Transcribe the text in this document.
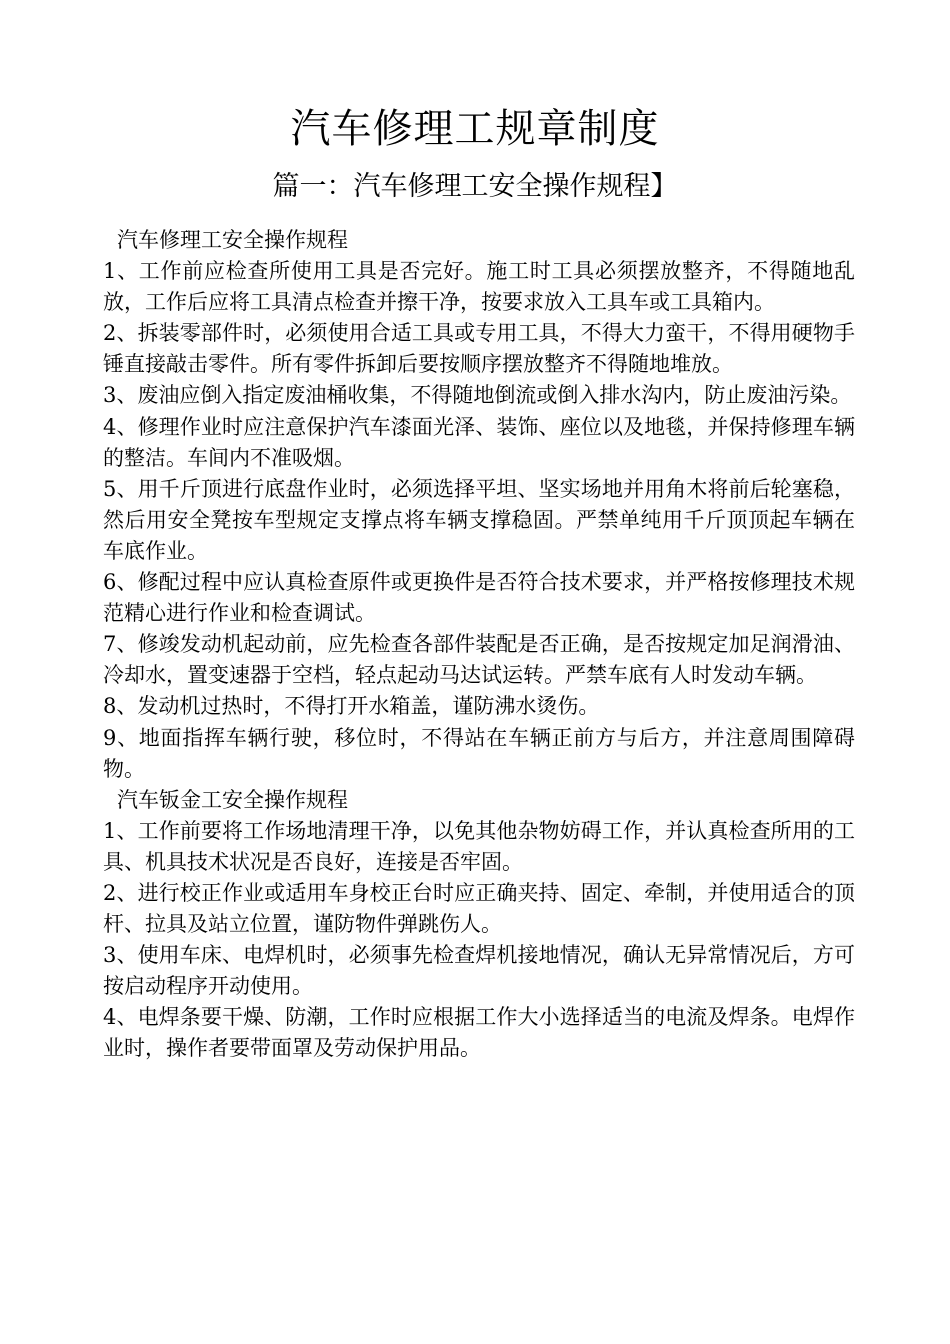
汽车修理工规章制度
篇一：汽车修理工安全操作规程】

汽车修理工安全操作规程

1、工作前应检查所使用工具是否完好。施工时工具必须摆放整齐，不得随地乱放，工作后应将工具清点检查并擦干净，按要求放入工具车或工具箱内。

2、拆装零部件时，必须使用合适工具或专用工具，不得大力蛮干，不得用硬物手锤直接敲击零件。所有零件拆卸后要按顺序摆放整齐不得随地堆放。

3、废油应倒入指定废油桶收集，不得随地倒流或倒入排水沟内，防止废油污染。

4、修理作业时应注意保护汽车漆面光泽、装饰、座位以及地毯，并保持修理车辆的整洁。车间内不准吸烟。

5、用千斤顶进行底盘作业时，必须选择平坦、坚实场地并用角木将前后轮塞稳，然后用安全凳按车型规定支撑点将车辆支撑稳固。严禁单纯用千斤顶顶起车辆在车底作业。

6、修配过程中应认真检查原件或更换件是否符合技术要求，并严格按修理技术规范精心进行作业和检查调试。

7、修竣发动机起动前，应先检查各部件装配是否正确，是否按规定加足润滑油、冷却水，置变速器于空档，轻点起动马达试运转。严禁车底有人时发动车辆。

8、发动机过热时，不得打开水箱盖，谨防沸水烫伤。

9、地面指挥车辆行驶，移位时，不得站在车辆正前方与后方，并注意周围障碍物。

汽车钣金工安全操作规程

1、工作前要将工作场地清理干净，以免其他杂物妨碍工作，并认真检查所用的工具、机具技术状况是否良好，连接是否牢固。

2、进行校正作业或适用车身校正台时应正确夹持、固定、牵制，并使用适合的顶杆、拉具及站立位置，谨防物件弹跳伤人。

3、使用车床、电焊机时，必须事先检查焊机接地情况，确认无异常情况后，方可按启动程序开动使用。

4、电焊条要干燥、防潮，工作时应根据工作大小选择适当的电流及焊条。电焊作业时，操作者要带面罩及劳动保护用品。
